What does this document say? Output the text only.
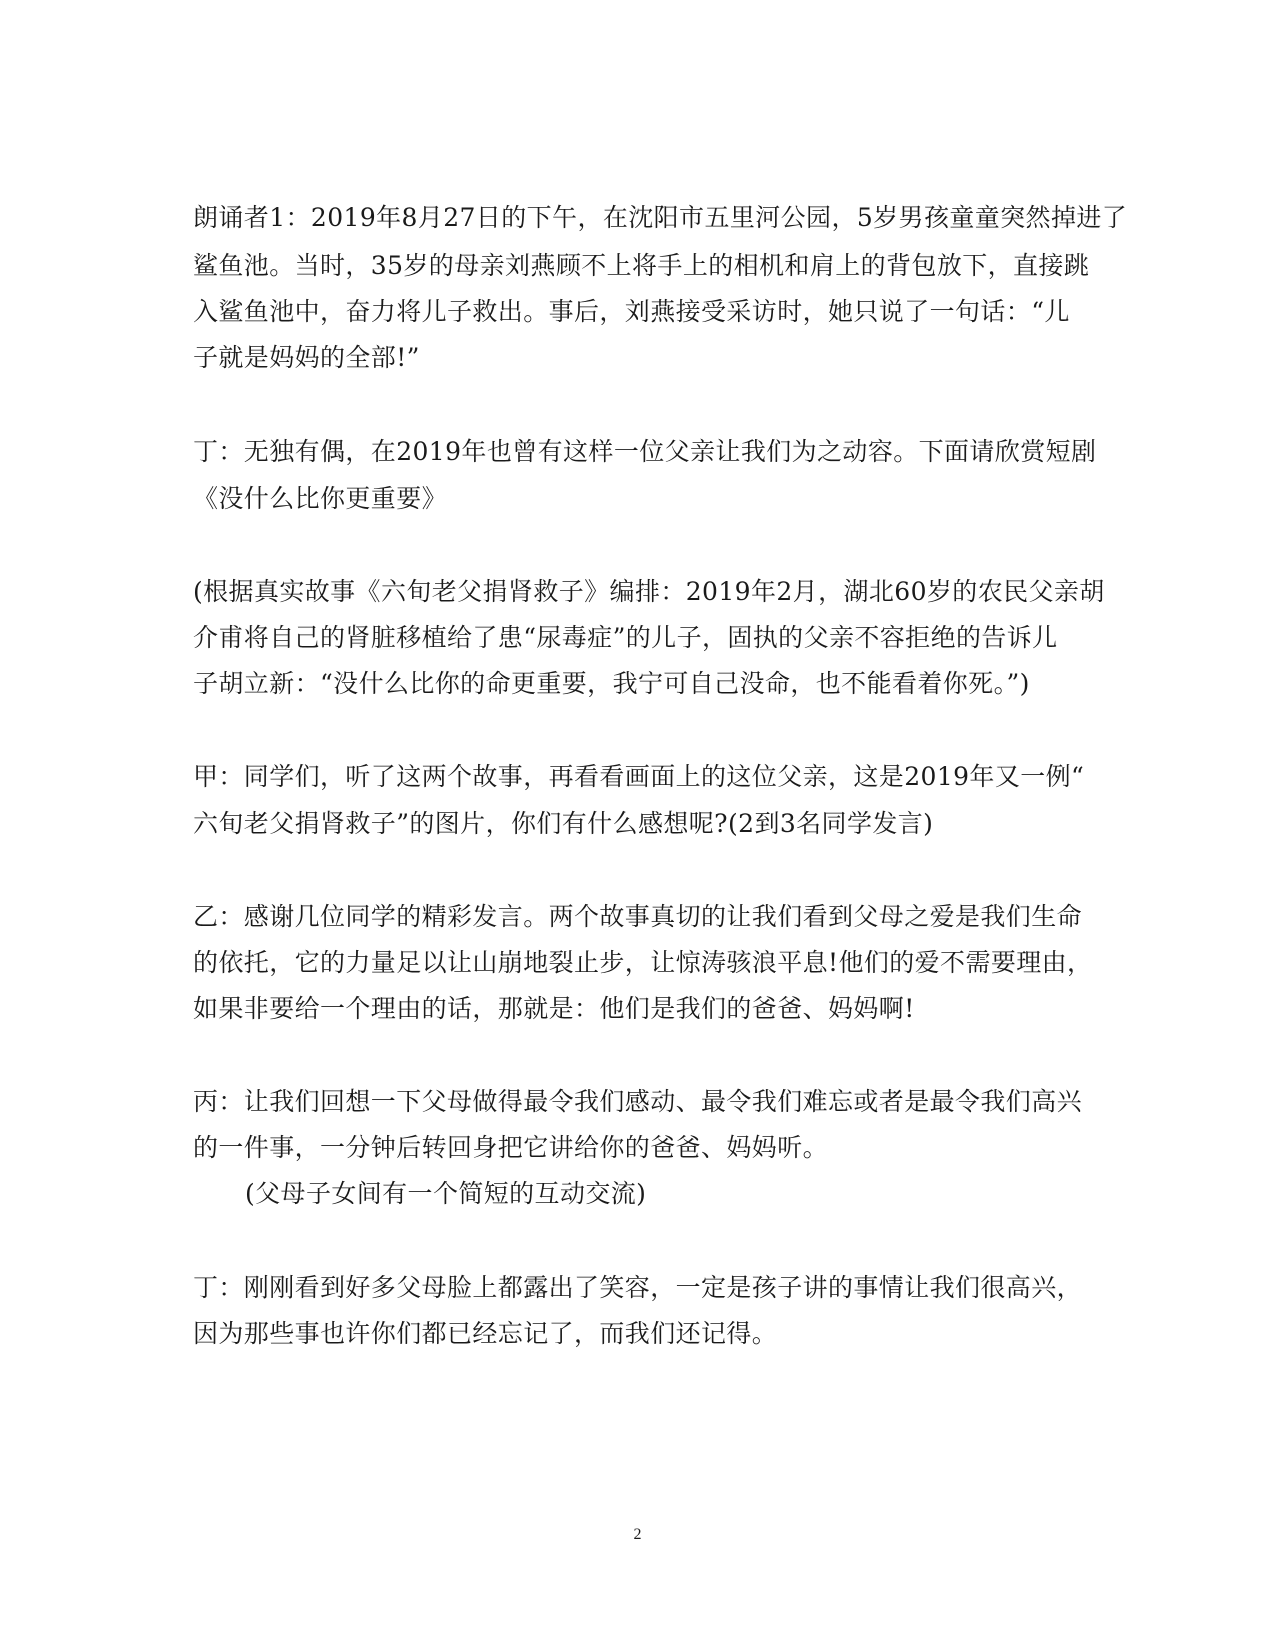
朗诵者1：2019年8月27日的下午，在沈阳市五里河公园，5岁男孩童童突然掉进了
鲨鱼池。当时，35岁的母亲刘燕顾不上将手上的相机和肩上的背包放下，直接跳
入鲨鱼池中，奋力将儿子救出。事后，刘燕接受采访时，她只说了一句话：“儿
子就是妈妈的全部!”
丁：无独有偶，在2019年也曾有这样一位父亲让我们为之动容。下面请欣赏短剧
《没什么比你更重要》
(根据真实故事《六旬老父捐肾救子》编排：2019年2月，湖北60岁的农民父亲胡
介甫将自己的肾脏移植给了患“尿毒症”的儿子，固执的父亲不容拒绝的告诉儿
子胡立新：“没什么比你的命更重要，我宁可自己没命，也不能看着你死。”)
甲：同学们，听了这两个故事，再看看画面上的这位父亲，这是2019年又一例“
六旬老父捐肾救子”的图片，你们有什么感想呢?(2到3名同学发言)
乙：感谢几位同学的精彩发言。两个故事真切的让我们看到父母之爱是我们生命
的依托，它的力量足以让山崩地裂止步，让惊涛骇浪平息!他们的爱不需要理由，
如果非要给一个理由的话，那就是：他们是我们的爸爸、妈妈啊!
丙：让我们回想一下父母做得最令我们感动、最令我们难忘或者是最令我们高兴
的一件事，一分钟后转回身把它讲给你的爸爸、妈妈听。
(父母子女间有一个简短的互动交流)
丁：刚刚看到好多父母脸上都露出了笑容，一定是孩子讲的事情让我们很高兴，
因为那些事也许你们都已经忘记了，而我们还记得。
2
